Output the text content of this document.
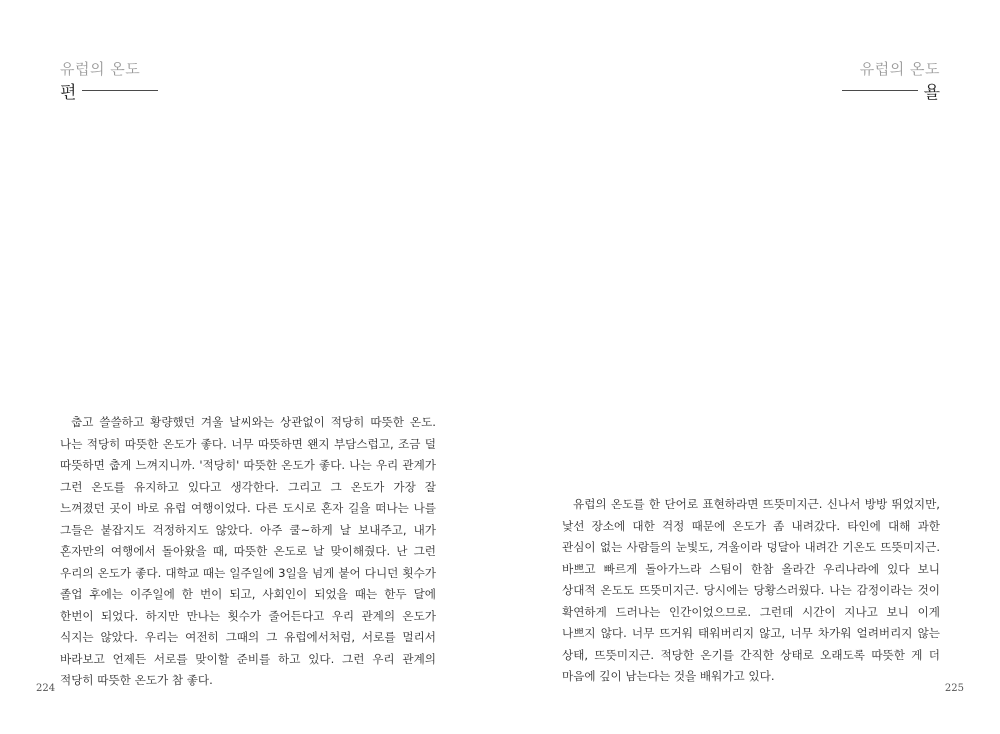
유럽의 온도
편

춥고 쓸쓸하고 황량했던 겨울 날씨와는 상관없이 적당히 따뜻한 온도. 나는 적당히 따뜻한 온도가 좋다. 너무 따뜻하면 왠지 부담스럽고, 조금 덜 따뜻하면 춥게 느껴지니까. '적당히' 따뜻한 온도가 좋다. 나는 우리 관계가 그런 온도를 유지하고 있다고 생각한다. 그리고 그 온도가 가장 잘 느껴졌던 곳이 바로 유럽 여행이었다. 다른 도시로 혼자 길을 떠나는 나를 그들은 붙잡지도 걱정하지도 않았다. 아주 쿨~하게 날 보내주고, 내가 혼자만의 여행에서 돌아왔을 때, 따뜻한 온도로 날 맞이해줬다. 난 그런 우리의 온도가 좋다. 대학교 때는 일주일에 3일을 넘게 붙어 다니던 횟수가 졸업 후에는 이주일에 한 번이 되고, 사회인이 되었을 때는 한두 달에 한번이 되었다. 하지만 만나는 횟수가 줄어든다고 우리 관계의 온도가 식지는 않았다. 우리는 여전히 그때의 그 유럽에서처럼, 서로를 멀리서 바라보고 언제든 서로를 맞이할 준비를 하고 있다. 그런 우리 관계의 적당히 따뜻한 온도가 참 좋다.

224
유럽의 온도
욜

유럽의 온도를 한 단어로 표현하라면 뜨뜻미지근. 신나서 방방 뛰었지만, 낯선 장소에 대한 걱정 때문에 온도가 좀 내려갔다. 타인에 대해 과한 관심이 없는 사람들의 눈빛도, 겨울이라 덩달아 내려간 기온도 뜨뜻미지근. 바쁘고 빠르게 돌아가느라 스팀이 한참 올라간 우리나라에 있다 보니 상대적 온도도 뜨뜻미지근. 당시에는 당황스러웠다. 나는 감정이라는 것이 확연하게 드러나는 인간이었으므로. 그런데 시간이 지나고 보니 이게 나쁘지 않다. 너무 뜨거워 태워버리지 않고, 너무 차가워 얼려버리지 않는 상태, 뜨뜻미지근. 적당한 온기를 간직한 상태로 오래도록 따뜻한 게 더 마음에 깊이 남는다는 것을 배워가고 있다.

225
